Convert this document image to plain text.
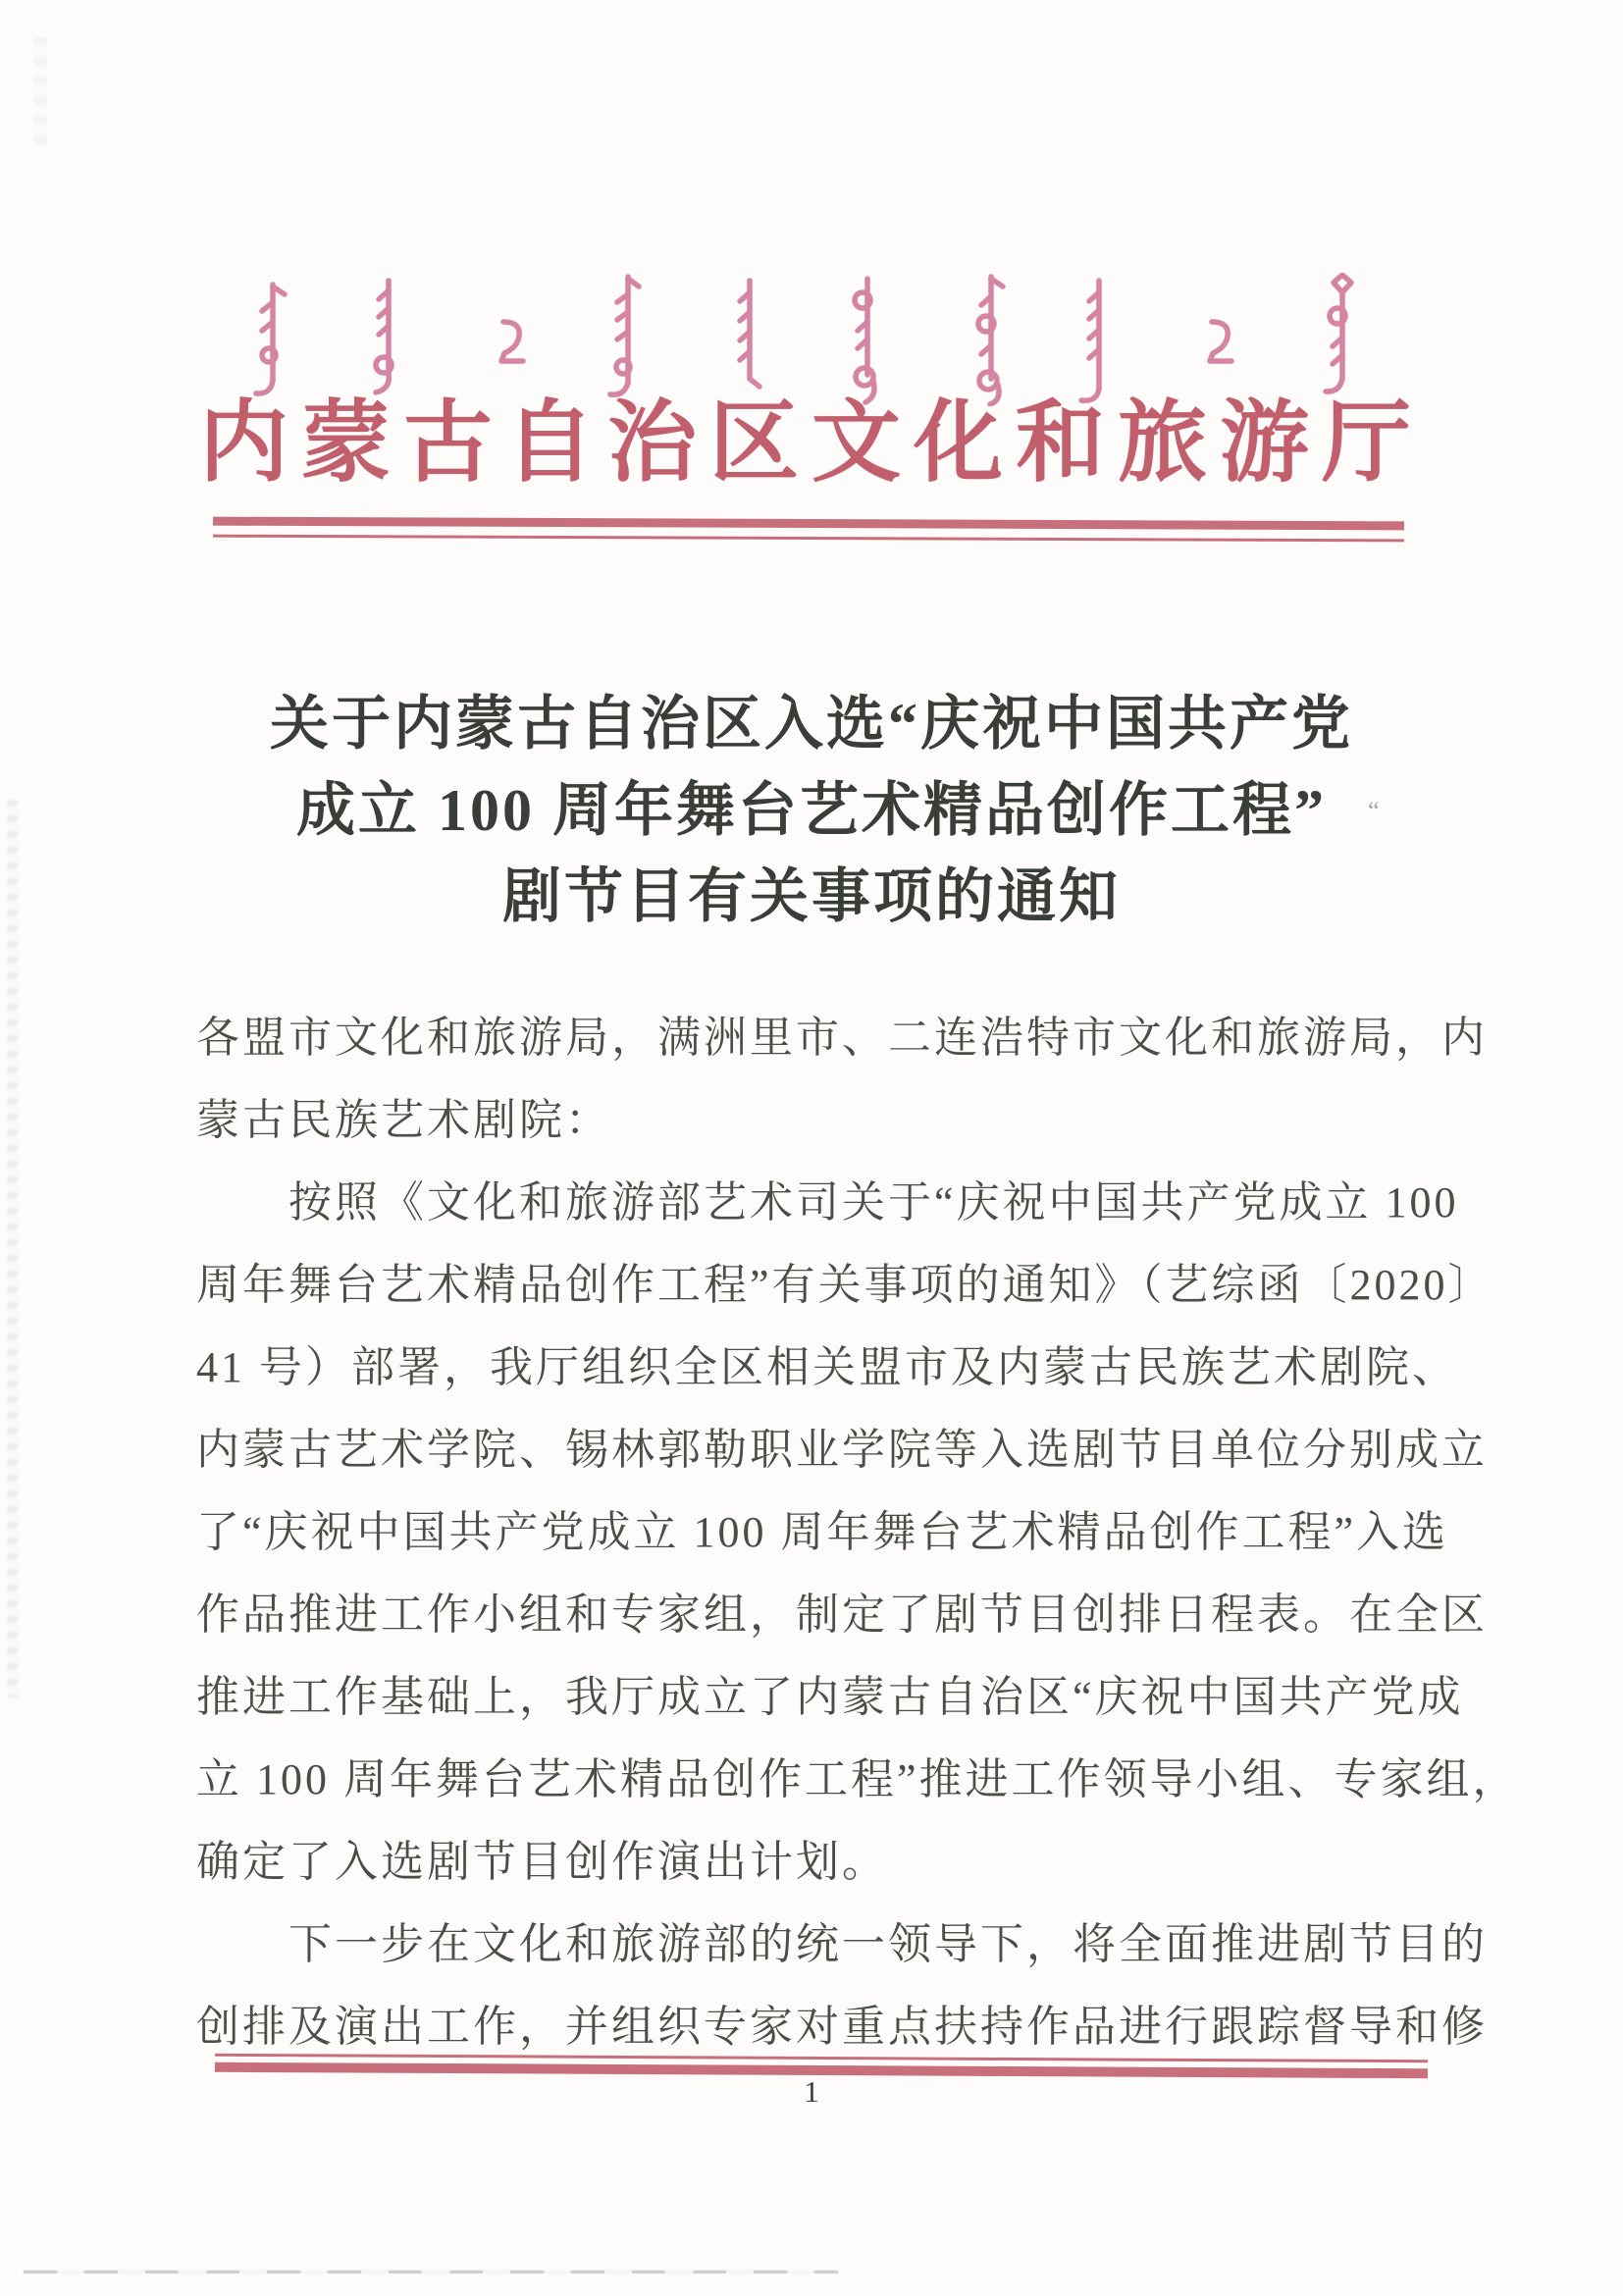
内蒙古自治区文化和旅游厅
“
关于内蒙古自治区入选“庆祝中国共产党
成立 100 周年舞台艺术精品创作工程”
剧节目有关事项的通知
各盟市文化和旅游局，满洲里市、二连浩特市文化和旅游局，内
蒙古民族艺术剧院：
按照《文化和旅游部艺术司关于“庆祝中国共产党成立 100
周年舞台艺术精品创作工程”有关事项的通知》（艺综函〔2020〕
41 号）部署，我厅组织全区相关盟市及内蒙古民族艺术剧院、
内蒙古艺术学院、锡林郭勒职业学院等入选剧节目单位分别成立
了“庆祝中国共产党成立 100 周年舞台艺术精品创作工程”入选
作品推进工作小组和专家组，制定了剧节目创排日程表。在全区
推进工作基础上，我厅成立了内蒙古自治区“庆祝中国共产党成
立 100 周年舞台艺术精品创作工程”推进工作领导小组、专家组，
确定了入选剧节目创作演出计划。
下一步在文化和旅游部的统一领导下，将全面推进剧节目的
创排及演出工作，并组织专家对重点扶持作品进行跟踪督导和修
1
